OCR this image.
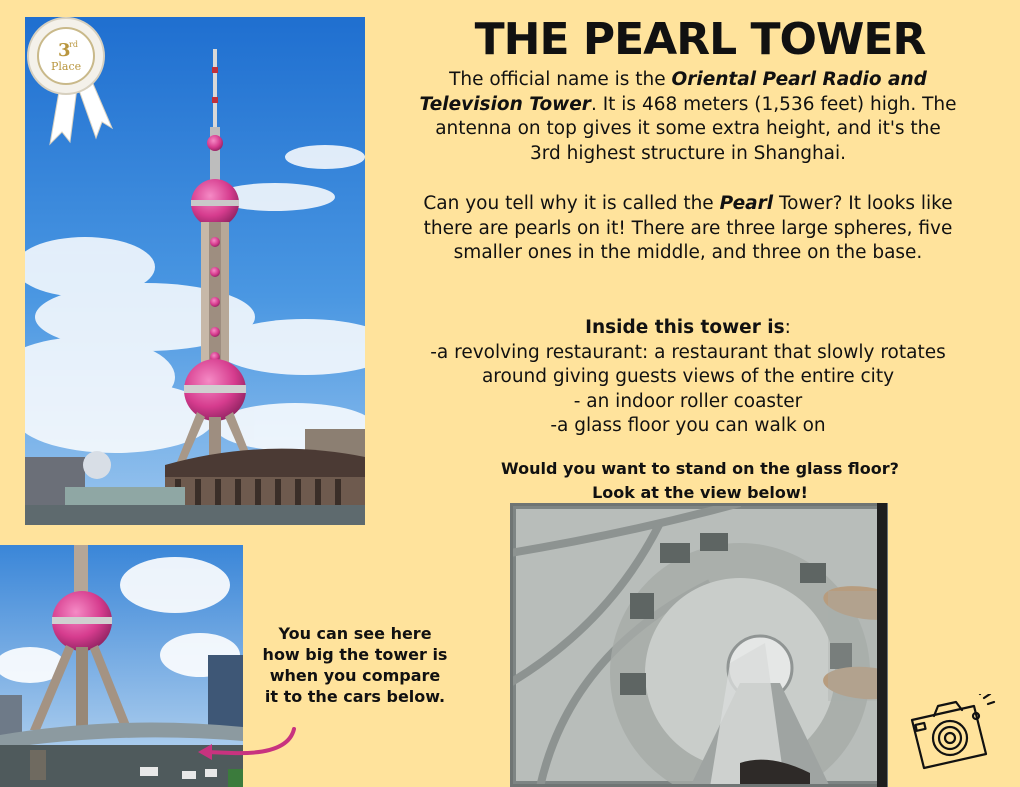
THE PEARL TOWER
The official name is the Oriental Pearl Radio and Television Tower. It is 468 meters (1,536 feet) high. The antenna on top gives it some extra height, and it's the 3rd highest structure in Shanghai.
Can you tell why it is called the Pearl Tower? It looks like there are pearls on it! There are three large spheres, five smaller ones in the middle, and three on the base.
Inside this tower is:
-a revolving restaurant: a restaurant that slowly rotates around giving guests views of the entire city
- an indoor roller coaster
-a glass floor you can walk on
Would you want to stand on the glass floor?
Look at the view below!
You can see here how big the tower is when you compare it to the cars below.
3
rd
Place
